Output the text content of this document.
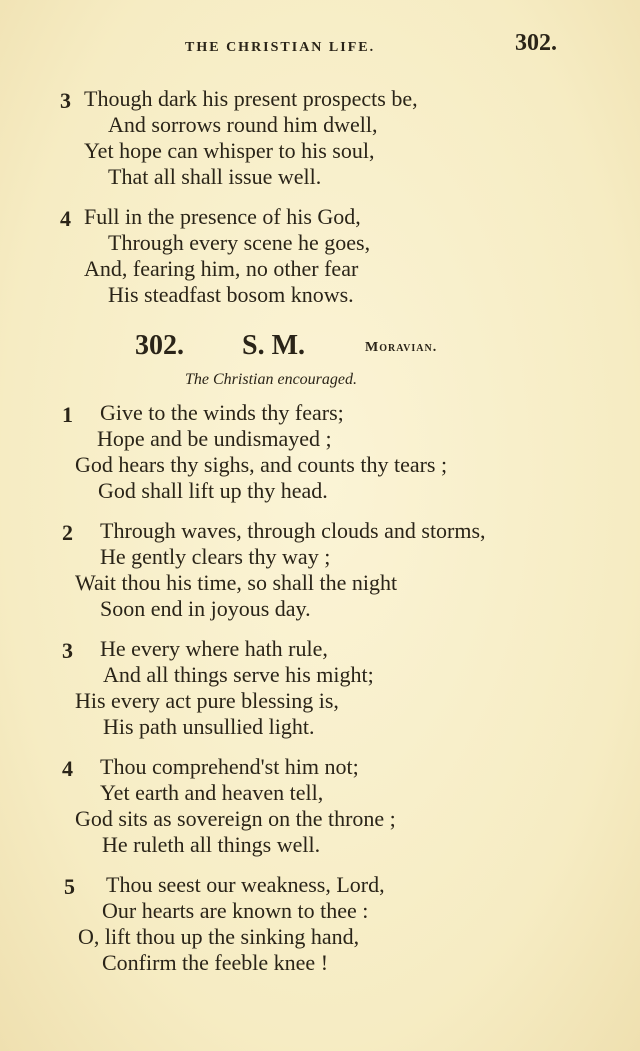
THE CHRISTIAN LIFE.	302.
3 Though dark his present prospects be,
And sorrows round him dwell,
Yet hope can whisper to his soul,
That all shall issue well.
4 Full in the presence of his God,
Through every scene he goes,
And, fearing him, no other fear
His steadfast bosom knows.
302. S. M.	Moravian.
The Christian encouraged.
1 Give to the winds thy fears;
Hope and be undismayed ;
God hears thy sighs, and counts thy tears ;
God shall lift up thy head.
2 Through waves, through clouds and storms,
He gently clears thy way ;
Wait thou his time, so shall the night
Soon end in joyous day.
3 He every where hath rule,
And all things serve his might;
His every act pure blessing is,
His path unsullied light.
4 Thou comprehend'st him not;
Yet earth and heaven tell,
God sits as sovereign on the throne ;
He ruleth all things well.
5 Thou seest our weakness, Lord,
Our hearts are known to thee :
O, lift thou up the sinking hand,
Confirm the feeble knee !
